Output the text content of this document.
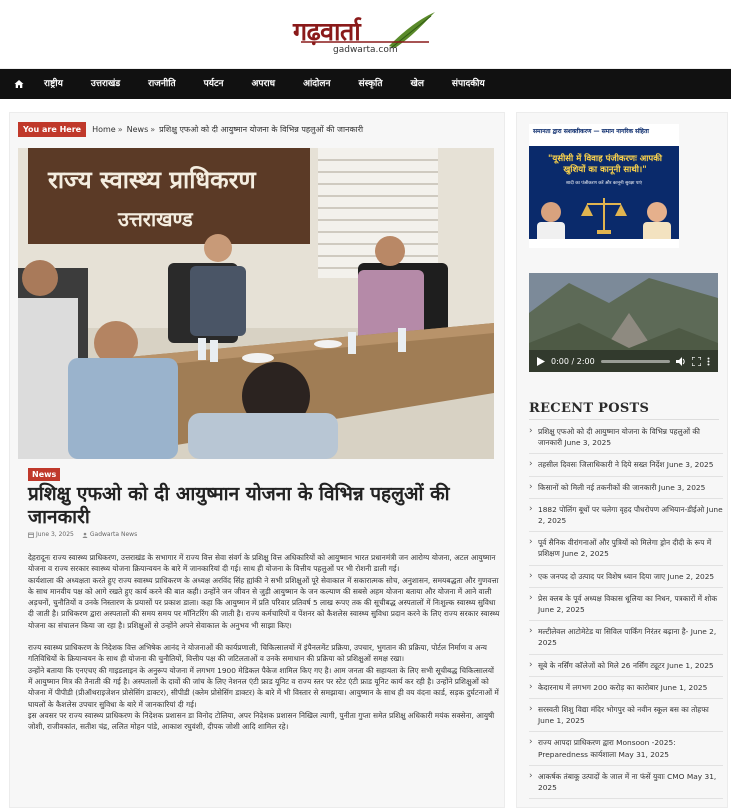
गढ़वार्ता
gadwarta.com
राष्ट्रीय	उत्तराखंड	राजनीति	पर्यटन	अपराध	आंदोलन	संस्कृति	खेल	संपादकीय
You are Here	Home » News » प्रशिक्षु एफओ को दी आयुष्मान योजना के विभिन्न पहलुओं की जानकारी
राज्य स्वास्थ्य प्राधिकरण
उत्तराखण्ड
News
प्रशिक्षु एफओ को दी आयुष्मान योजना के विभिन्न पहलुओं की जानकारी
June 3, 2025	Gadwarta News

देहरादूनः राज्य स्वास्थ्य प्राधिकरण, उत्तराखंड के सभागार में राज्य वित्त सेवा संवर्ग के प्रशिक्षु वित्त अधिकारियों को आयुष्मान भारत प्रधानमंत्री जन आरोग्य योजना, अटल आयुष्मान योजना व राज्य सरकार स्वास्थ्य योजना क्रियान्वयन के बारे में जानकारियां दी गई। साथ ही योजना के वित्तीय पहलुओं पर भी रोशनी डाली गई।
कार्यशाला की अध्यक्षता करते हुए राज्य स्वास्थ्य प्राधिकरण के अध्यक्ष अरविंद सिंह ह्यांकी ने सभी प्रशिक्षुओं पूरे सेवाकाल में सकारात्मक सोच, अनुशासन, समयबद्धता और गुणवत्ता के साथ मानवीय पक्ष को आगे रखते हुए कार्य करने की बात कही। उन्होंने जन जीवन से जुड़ी आयुष्मान के जन कल्याण की सबसे अहम योजना बताया और योजना में आने वाली अड़चनों, चुनौतियों व उनके निस्तारण के प्रयासों पर प्रकाश डाला। कहा कि आयुष्मान में प्रति परिवार प्रतिवर्ष 5 लाख रूपए तक की सूचीबद्ध अस्पतालों में निःशुल्क स्वास्थ्य सुविधा दी जाती है। प्राधिकरण द्वारा अस्पतालों की समय समय पर मॉनिटरिंग की जाती है। राज्य कर्मचारियों व पेंशनर को कैशलेस स्वास्थ्य सुविधा प्रदान करने के लिए राज्य सरकार स्वास्थ्य योजना का संचालन किया जा रहा है। प्रशिक्षुओं से उन्होंने अपने सेवाकाल के अनुभव भी साझा किए।

राज्य स्वास्थ्य प्राधिकरण के निदेशक वित्त अभिषेक आनंद ने योजनाओं की कार्यप्रणाली, चिकित्सालयों में इंपैनलमेंट प्रक्रिया, उपचार, भुगतान की प्रक्रिया, पोर्टल निर्माण व अन्य गतिविधियों के क्रियान्वयन के साथ ही योजना की चुनौतियों, वित्तीय पक्ष की जटिलताओं व उनके समाधान की प्रक्रिया को प्रशिक्षुओं समक्ष रखा।
उन्होंने बताया कि एनएचए की गाइडलाइन के अनुरूप योजना में लगभग 1900 मेडिकल पैकेज शामिल किए गए है। आम जनता की सहायता के लिए सभी सूचीबद्ध चिकित्सालयों में आयुष्मान मित्र की तैनाती की गई है। अस्पतालों के दावों की जांच के लिए नेशनल एंटी फ्राड यूनिट व राज्य स्तर पर स्टेट एंटी फ्राड यूनिट कार्य कर रही है। उन्होंने प्रशिक्षुओं को योजना में पीपीडी (प्रीऑथराइजेशन प्रोसेसिंग डाक्टर), सीपीडी (क्लेम प्रोसेसिंग डाक्टर) के बारे में भी विस्तार से समझाया। आयुष्मान के साथ ही वय वंदना कार्ड, सड़क दुर्घटनाओं में घायलों के कैशलेस उपचार सुविधा के बारे में जानकारियां दी गई।
इस अवसर पर राज्य स्वास्थ्य प्राधिकरण के निदेशक प्रशासन डा विनोद टोलिया, अपर निदेशक प्रशासन निखिल त्यागी, पुनीता गुप्ता समेत प्रशिक्षु अधिकारी मयंक सक्सेना, आयुषी जोशी, राजीवकांत, सतीश चंद्र, ललित मोहन पांडे, आकाश रघुवंशी, दीपक जोशी आदि शामिल रहे।

समानता द्वारा सशक्तीकरण — समान नागरिक संहिता
"यूसीसी में विवाह पंजीकरणः आपकी खुशियों का कानूनी साथी।"
शादी का पंजीकरण करें और कानूनी सुरक्षा पाएं
0:00 / 2:00
RECENT POSTS
› प्रशिक्षु एफओ को दी आयुष्मान योजना के विभिन्न पहलुओं की जानकारी June 3, 2025
› तहसील दिवसः जिलाधिकारी ने दिये सख्त निर्देश June 3, 2025
› किसानों को मिली नई तकनीकों की जानकारी June 3, 2025
› 1882 पोलिंग बूथों पर चलेगा वृहद पौधरोपण अभियान-डीईओ June 2, 2025
› पूर्व सैनिक वीरांगनाओं और पुत्रियों को मिलेगा ड्रोन दीदी के रूप में प्रशिक्षण June 2, 2025
› एक जनपद दो उत्पाद पर विशेष ध्यान दिया जाए June 2, 2025
› प्रेस क्लब के पूर्व अध्यक्ष विकास धूलिया का निधन, पत्रकारों में शोक June 2, 2025
› मल्टीलेवल आटोमेटेड या सिविल पार्किंग निरंतर बढ़ाना है- June 2, 2025
› सूबे के नर्सिंग कॉलेजों को मिले 26 नर्सिंग ट्यूटर June 1, 2025
› केदारनाथ में लगभग 200 करोड़ का कारोबार June 1, 2025
› सरस्वती शिशु विद्या मंदिर भोगपुर को नवीन स्कूल बस का तोहफा June 1, 2025
› राज्य आपदा प्राधिकरण द्वारा Monsoon -2025: Preparedness कार्यशाला May 31, 2025
› आकर्षक तंबाकू उत्पादों के जाल में ना फंसें युवाः CMO May 31, 2025
